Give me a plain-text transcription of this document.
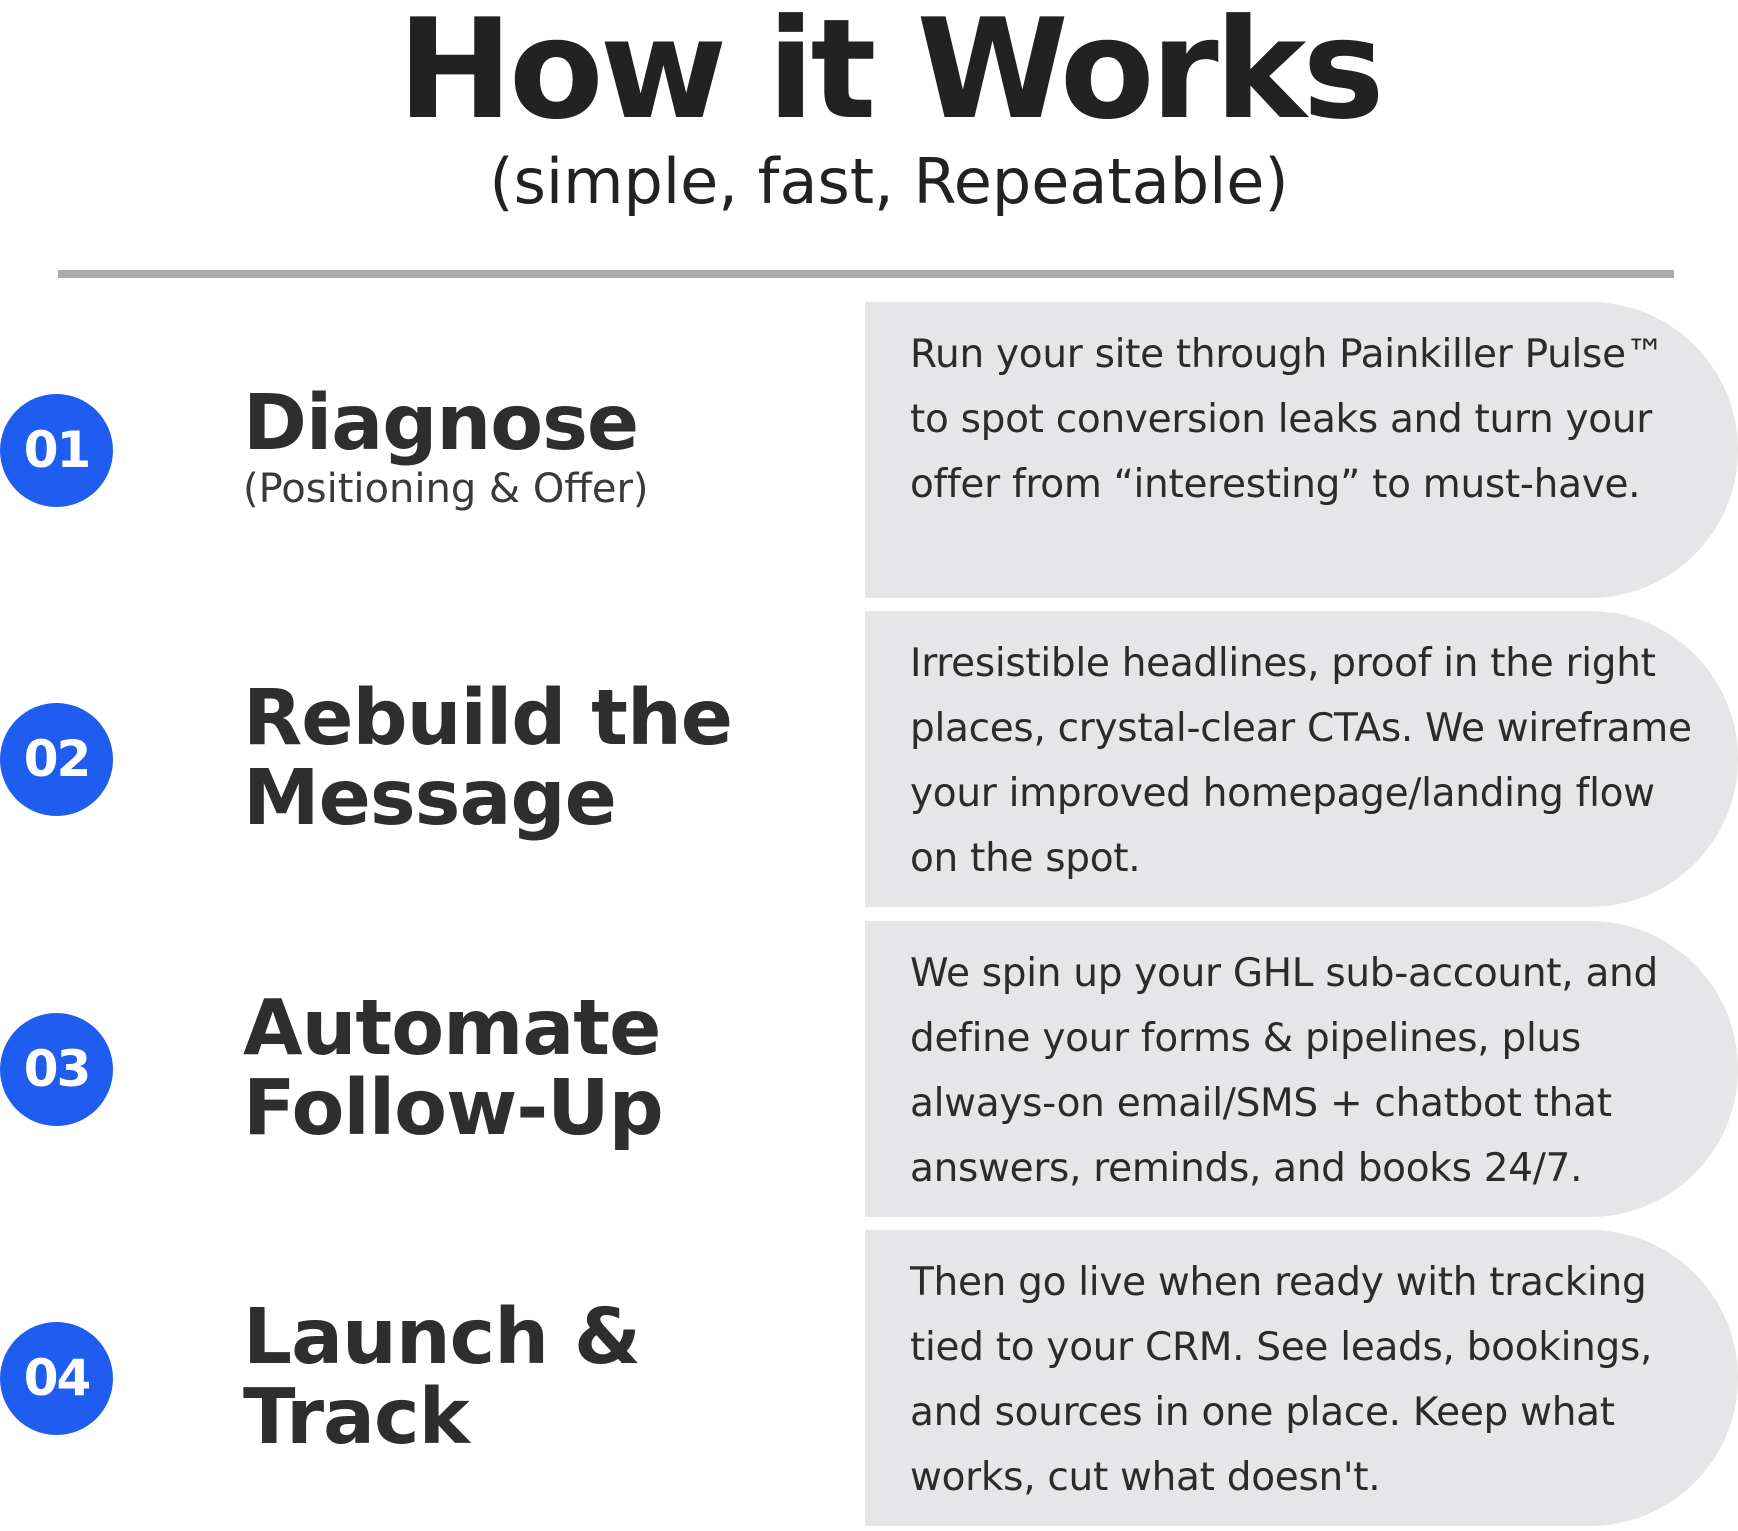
How it Works
(simple, fast, Repeatable)
01	Diagnose
(Positioning & Offer)

Run your site through Painkiller Pulse™ to spot conversion leaks and turn your offer from “interesting” to must-have.

02	Rebuild the
Message

Irresistible headlines, proof in the right places, crystal-clear CTAs. We wireframe your improved homepage/landing flow on the spot.

03	Automate
Follow-Up

We spin up your GHL sub-account, and define your forms & pipelines, plus always-on email/SMS + chatbot that answers, reminds, and books 24/7.

04	Launch &
Track

Then go live when ready with tracking tied to your CRM. See leads, bookings, and sources in one place. Keep what works, cut what doesn't.
